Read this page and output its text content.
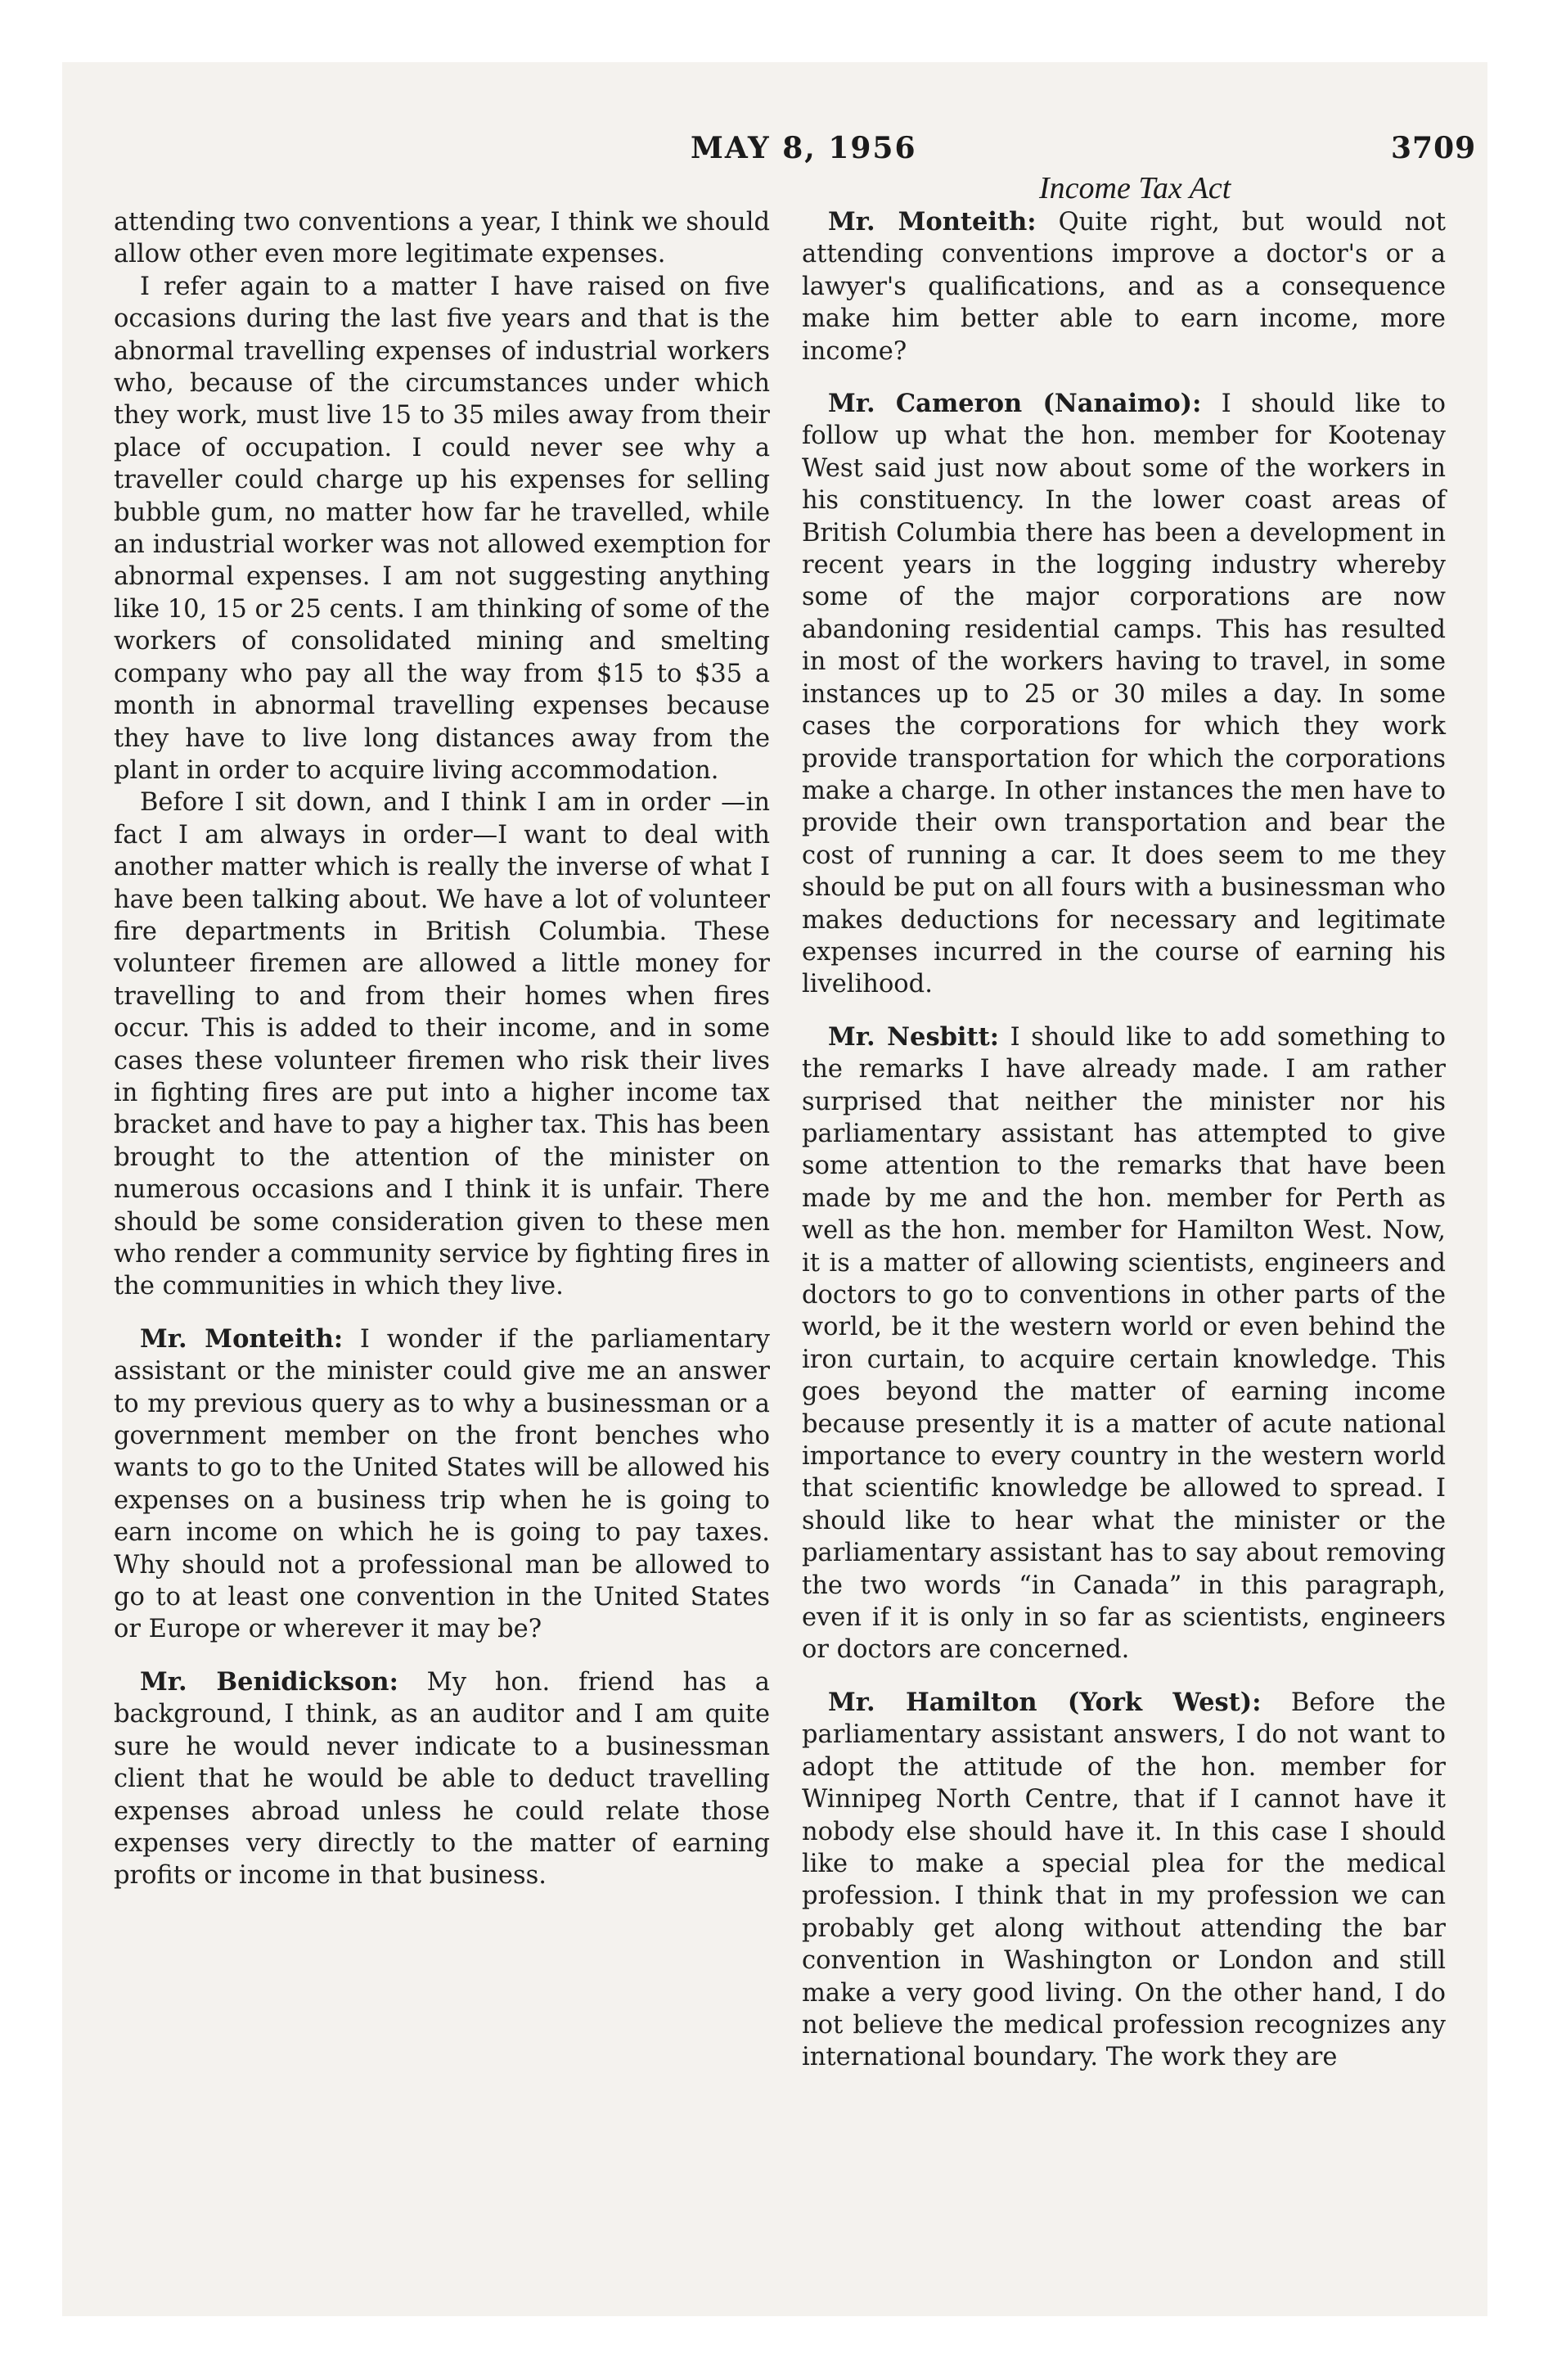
MAY 8, 1956	3709
Income Tax Act

attending two conventions a year, I think we should allow other even more legitimate expenses.

I refer again to a matter I have raised on five occasions during the last five years and that is the abnormal travelling expenses of industrial workers who, because of the circumstances under which they work, must live 15 to 35 miles away from their place of occupation. I could never see why a traveller could charge up his expenses for selling bubble gum, no matter how far he travelled, while an industrial worker was not allowed exemption for abnormal expenses. I am not suggesting anything like 10, 15 or 25 cents. I am thinking of some of the workers of consolidated mining and smelting company who pay all the way from $15 to $35 a month in abnormal travelling expenses because they have to live long distances away from the plant in order to acquire living accommodation.

Before I sit down, and I think I am in order —in fact I am always in order—I want to deal with another matter which is really the inverse of what I have been talking about. We have a lot of volunteer fire departments in British Columbia. These volunteer firemen are allowed a little money for travelling to and from their homes when fires occur. This is added to their income, and in some cases these volunteer firemen who risk their lives in fighting fires are put into a higher income tax bracket and have to pay a higher tax. This has been brought to the attention of the minister on numerous occasions and I think it is unfair. There should be some consideration given to these men who render a community service by fighting fires in the communities in which they live.

Mr. Monteith: I wonder if the parliamentary assistant or the minister could give me an answer to my previous query as to why a businessman or a government member on the front benches who wants to go to the United States will be allowed his expenses on a business trip when he is going to earn income on which he is going to pay taxes. Why should not a professional man be allowed to go to at least one convention in the United States or Europe or wherever it may be?

Mr. Benidickson: My hon. friend has a background, I think, as an auditor and I am quite sure he would never indicate to a businessman client that he would be able to deduct travelling expenses abroad unless he could relate those expenses very directly to the matter of earning profits or income in that business.

Mr. Monteith: Quite right, but would not attending conventions improve a doctor's or a lawyer's qualifications, and as a consequence make him better able to earn income, more income?

Mr. Cameron (Nanaimo): I should like to follow up what the hon. member for Kootenay West said just now about some of the workers in his constituency. In the lower coast areas of British Columbia there has been a development in recent years in the logging industry whereby some of the major corporations are now abandoning residential camps. This has resulted in most of the workers having to travel, in some instances up to 25 or 30 miles a day. In some cases the corporations for which they work provide transportation for which the corporations make a charge. In other instances the men have to provide their own transportation and bear the cost of running a car. It does seem to me they should be put on all fours with a businessman who makes deductions for necessary and legitimate expenses incurred in the course of earning his livelihood.

Mr. Nesbitt: I should like to add something to the remarks I have already made. I am rather surprised that neither the minister nor his parliamentary assistant has attempted to give some attention to the remarks that have been made by me and the hon. member for Perth as well as the hon. member for Hamilton West. Now, it is a matter of allowing scientists, engineers and doctors to go to conventions in other parts of the world, be it the western world or even behind the iron curtain, to acquire certain knowledge. This goes beyond the matter of earning income because presently it is a matter of acute national importance to every country in the western world that scientific knowledge be allowed to spread. I should like to hear what the minister or the parliamentary assistant has to say about removing the two words “in Canada” in this paragraph, even if it is only in so far as scientists, engineers or doctors are concerned.

Mr. Hamilton (York West): Before the parliamentary assistant answers, I do not want to adopt the attitude of the hon. member for Winnipeg North Centre, that if I cannot have it nobody else should have it. In this case I should like to make a special plea for the medical profession. I think that in my profession we can probably get along without attending the bar convention in Washington or London and still make a very good living. On the other hand, I do not believe the medical profession recognizes any international boundary. The work they are
